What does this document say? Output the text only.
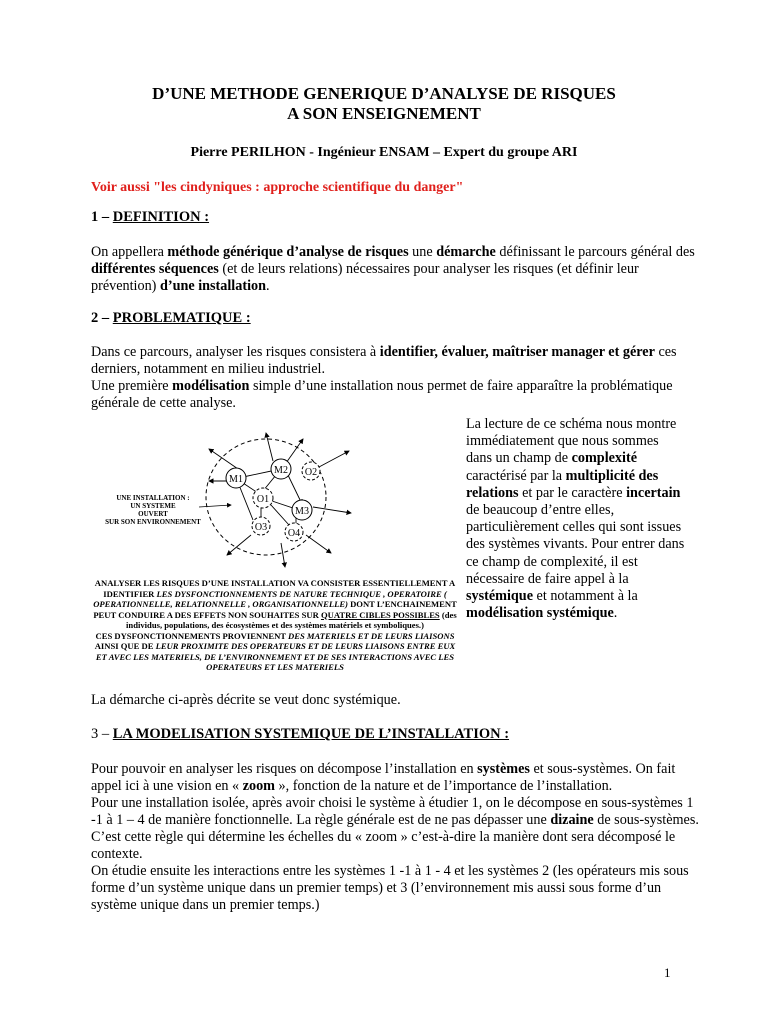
D’UNE METHODE GENERIQUE D’ANALYSE DE RISQUES
A SON ENSEIGNEMENT
Pierre PERILHON - Ingénieur ENSAM – Expert du groupe ARI
Voir aussi "les cindyniques : approche scientifique du danger"
1 – DEFINITION :
On appellera méthode générique d’analyse de risques une démarche définissant le parcours général des différentes séquences (et de leurs relations) nécessaires pour analyser les risques (et définir leur prévention) d’une installation.
2 – PROBLEMATIQUE :
Dans ce parcours, analyser les risques consistera à identifier, évaluer, maîtriser manager et gérer ces derniers, notamment en milieu industriel.
Une première modélisation simple d’une installation nous permet de faire apparaître la problématique générale de cette analyse.
La lecture de ce schéma nous montre immédiatement que nous sommes dans un champ de complexité caractérisé par la multiplicité des relations et par le caractère incertain de beaucoup d’entre elles, particulièrement celles qui sont issues des systèmes vivants. Pour entrer dans ce champ de complexité, il est nécessaire de faire appel à la systémique et notamment à la modélisation systémique.
M1
M2 O2
O1
M3
O3
O4
UNE INSTALLATION :
UN SYSTEME
OUVERT
SUR SON ENVIRONNEMENT
ANALYSER LES RISQUES D’UNE INSTALLATION VA CONSISTER ESSENTIELLEMENT A IDENTIFIER LES DYSFONCTIONNEMENTS DE NATURE TECHNIQUE , OPERATOIRE ( OPERATIONNELLE, RELATIONNELLE , ORGANISATIONNELLE) DONT L’ENCHAINEMENT PEUT CONDUIRE A DES EFFETS NON SOUHAITES SUR QUATRE CIBLES POSSIBLES (des individus, populations, des écosystèmes et des systèmes matériels et symboliques.)
CES DYSFONCTIONNEMENTS PROVIENNENT DES MATERIELS ET DE LEURS LIAISONS AINSI QUE DE LEUR PROXIMITE DES OPERATEURS ET DE LEURS LIAISONS ENTRE EUX ET AVEC LES MATERIELS, DE L’ENVIRONNEMENT ET DE SES INTERACTIONS AVEC LES OPERATEURS ET LES MATERIELS
La démarche ci-après décrite se veut donc systémique.
3 – LA MODELISATION SYSTEMIQUE DE L’INSTALLATION :
Pour pouvoir en analyser les risques on décompose l’installation en systèmes et sous-systèmes. On fait appel ici à une vision en « zoom », fonction de la nature et de l’importance de l’installation.
Pour une installation isolée, après avoir choisi le système à étudier 1, on le décompose en sous-systèmes 1 -1 à 1 – 4 de manière fonctionnelle. La règle générale est de ne pas dépasser une dizaine de sous-systèmes. C’est cette règle qui détermine les échelles du « zoom » c’est-à-dire la manière dont sera décomposé le contexte.
On étudie ensuite les interactions entre les systèmes 1 -1 à 1 - 4 et les systèmes 2 (les opérateurs mis sous forme d’un système unique dans un premier temps) et 3 (l’environnement mis aussi sous forme d’un système unique dans un premier temps.)
1
